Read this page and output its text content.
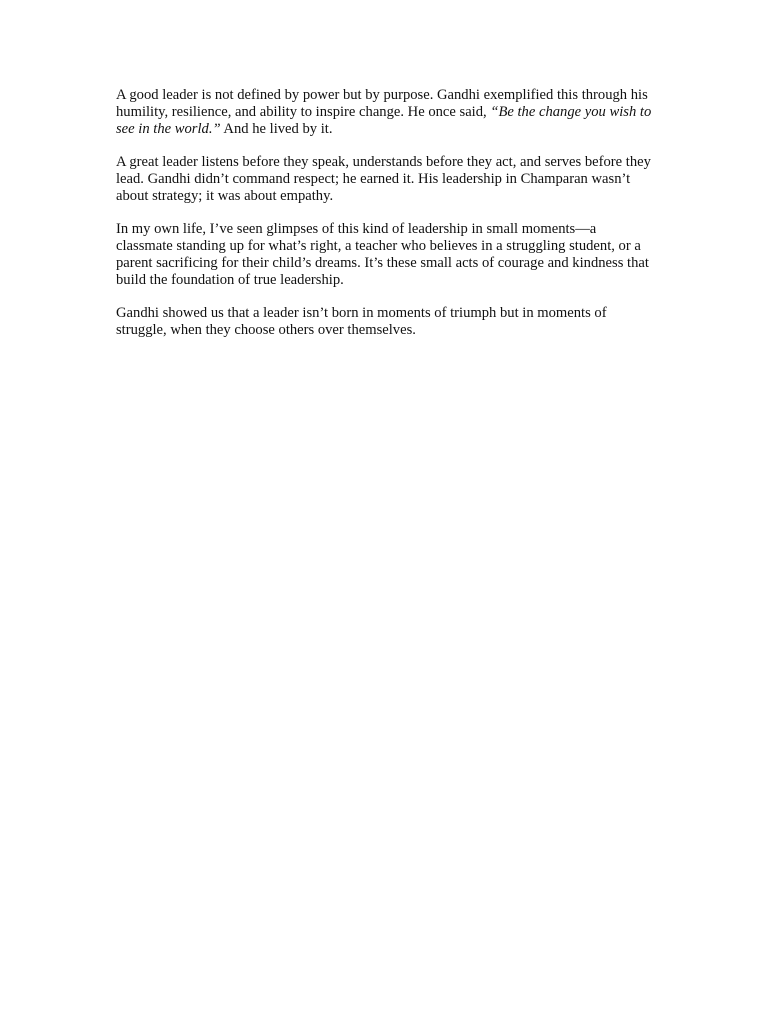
A good leader is not defined by power but by purpose. Gandhi exemplified this through his humility, resilience, and ability to inspire change. He once said, “Be the change you wish to see in the world.” And he lived by it.

A great leader listens before they speak, understands before they act, and serves before they lead. Gandhi didn’t command respect; he earned it. His leadership in Champaran wasn’t about strategy; it was about empathy.

In my own life, I’ve seen glimpses of this kind of leadership in small moments—a classmate standing up for what’s right, a teacher who believes in a struggling student, or a parent sacrificing for their child’s dreams. It’s these small acts of courage and kindness that build the foundation of true leadership.

Gandhi showed us that a leader isn’t born in moments of triumph but in moments of struggle, when they choose others over themselves.
